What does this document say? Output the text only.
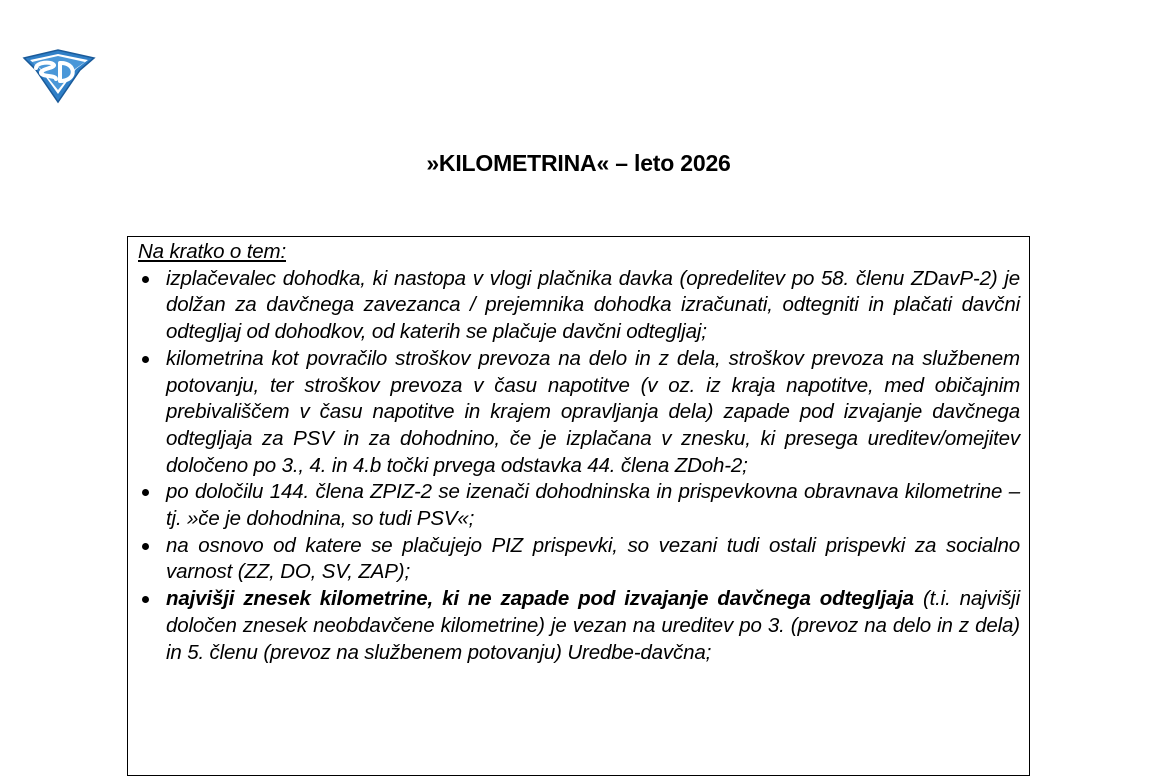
»KILOMETRINA« – leto 2026

Na kratko o tem:

izplačevalec dohodka, ki nastopa v vlogi plačnika davka (opredelitev po 58. členu ZDavP-2) je dolžan za davčnega zavezanca / prejemnika dohodka izračunati, odtegniti in plačati davčni odtegljaj od dohodkov, od katerih se plačuje davčni odtegljaj;
kilometrina kot povračilo stroškov prevoza na delo in z dela, stroškov prevoza na službenem potovanju, ter stroškov prevoza v času napotitve (v oz. iz kraja napotitve, med običajnim prebivališčem v času napotitve in krajem opravljanja dela) zapade pod izvajanje davčnega odtegljaja za PSV in za dohodnino, če je izplačana v znesku, ki presega ureditev/omejitev določeno po 3., 4. in 4.b točki prvega odstavka 44. člena ZDoh-2;
po določilu 144. člena ZPIZ-2 se izenači dohodninska in prispevkovna obravnava kilometrine – tj. »če je dohodnina, so tudi PSV«;
na osnovo od katere se plačujejo PIZ prispevki, so vezani tudi ostali prispevki za socialno varnost (ZZ, DO, SV, ZAP);
najvišji znesek kilometrine, ki ne zapade pod izvajanje davčnega odtegljaja (t.i. najvišji določen znesek neobdavčene kilometrine) je vezan na ureditev po 3. (prevoz na delo in z dela) in 5. členu (prevoz na službenem potovanju) Uredbe-davčna;
